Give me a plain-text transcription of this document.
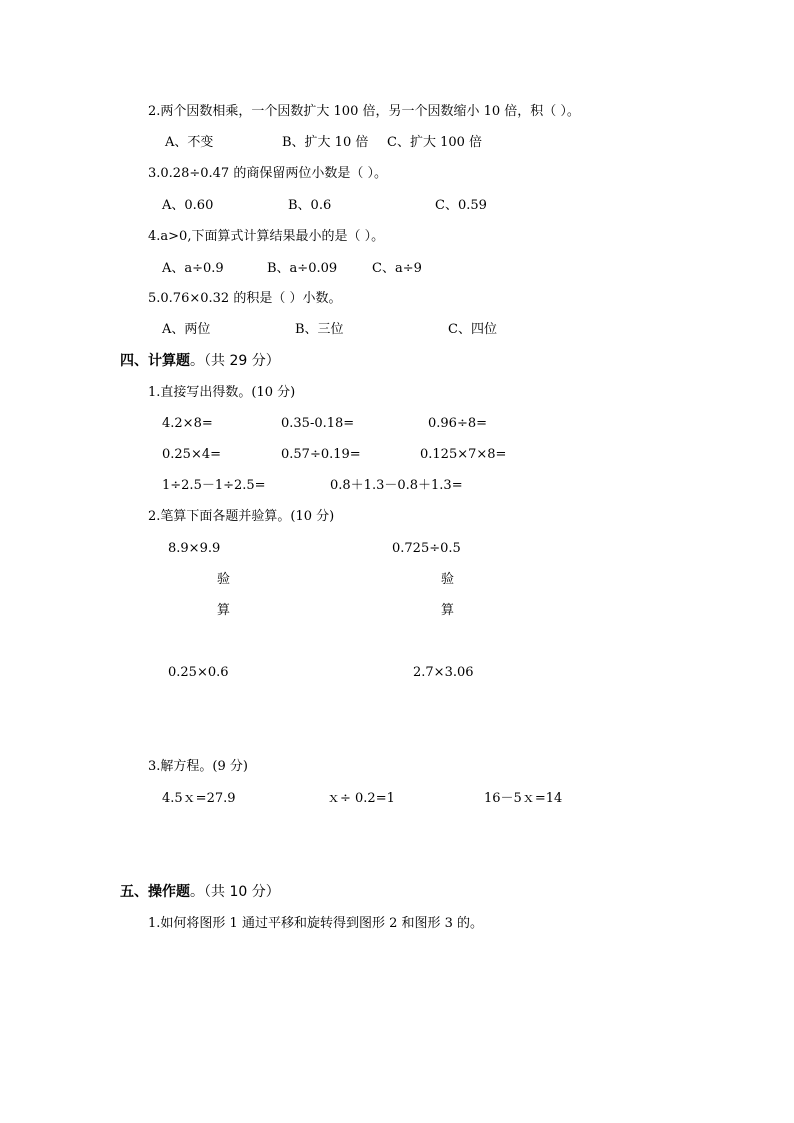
2.两个因数相乘，一个因数扩大 100 倍，另一个因数缩小 10 倍，积（ ）。
A、不变	B、扩大 10 倍 C、扩大 100 倍
3.0.28÷0.47 的商保留两位小数是（ ）。
A、0.60	B、0.6	C、0.59
4.a>0,下面算式计算结果最小的是（ ）。
A、a÷0.9	B、a÷0.09	C、a÷9
5.0.76×0.32 的积是（ ）小数。
A、两位	B、三位	C、四位
四、计算题。（共 29 分）
1.直接写出得数。(10 分)
4.2×8=	0.35-0.18=	0.96÷8=
0.25×4=	0.57÷0.19=	0.125×7×8=
1÷2.5－1÷2.5=	0.8＋1.3－0.8＋1.3=
2.笔算下面各题并验算。(10 分)
8.9×9.9	0.725÷0.5
验	验
算	算
0.25×0.6	2.7×3.06
3.解方程。(9 分)
4.5ｘ=27.9	ｘ÷ 0.2=1	16－5ｘ=14
五、操作题。（共 10 分）
1.如何将图形 1 通过平移和旋转得到图形 2 和图形 3 的。
